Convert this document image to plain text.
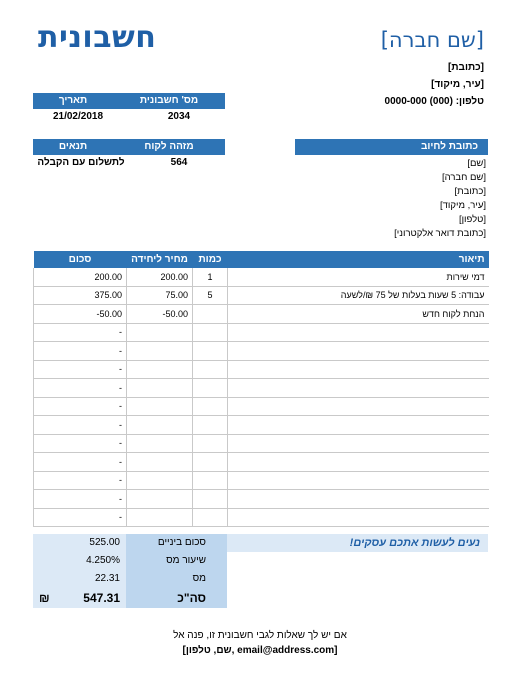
חשבונית	[שם חברה]
[כתובת]
[עיר, מיקוד]
טלפון: (000) 0000-000
תאריך	מס' חשבונית
21/02/2018	2034
תנאים	מזהה לקוח
לתשלום עם הקבלה	564
כתובת לחיוב
[שם]
[שם חברה]
[כתובת]
[עיר, מיקוד]
[טלפון]
[כתובת דואר אלקטרוני]
סכום	מחיר ליחידה	כמות	תיאור
200.00	200.00	1	דמי שירות
375.00	75.00	5	עבודה: 5 שעות בעלות של 75 ₪/לשעה
-50.00	-50.00		הנחת לקוח חדש
-			
-			
-			
-			
-			
-			
-			
-			
-			
-			
-			
525.00	סכום ביניים	נעים לעשות אתכם עסקים!
4.250%	שיעור מס
22.31	מס
₪	547.31	סה"כ
אם יש לך שאלות לגבי חשבונית זו, פנה אל
[שם, טלפון, email@address.com]
